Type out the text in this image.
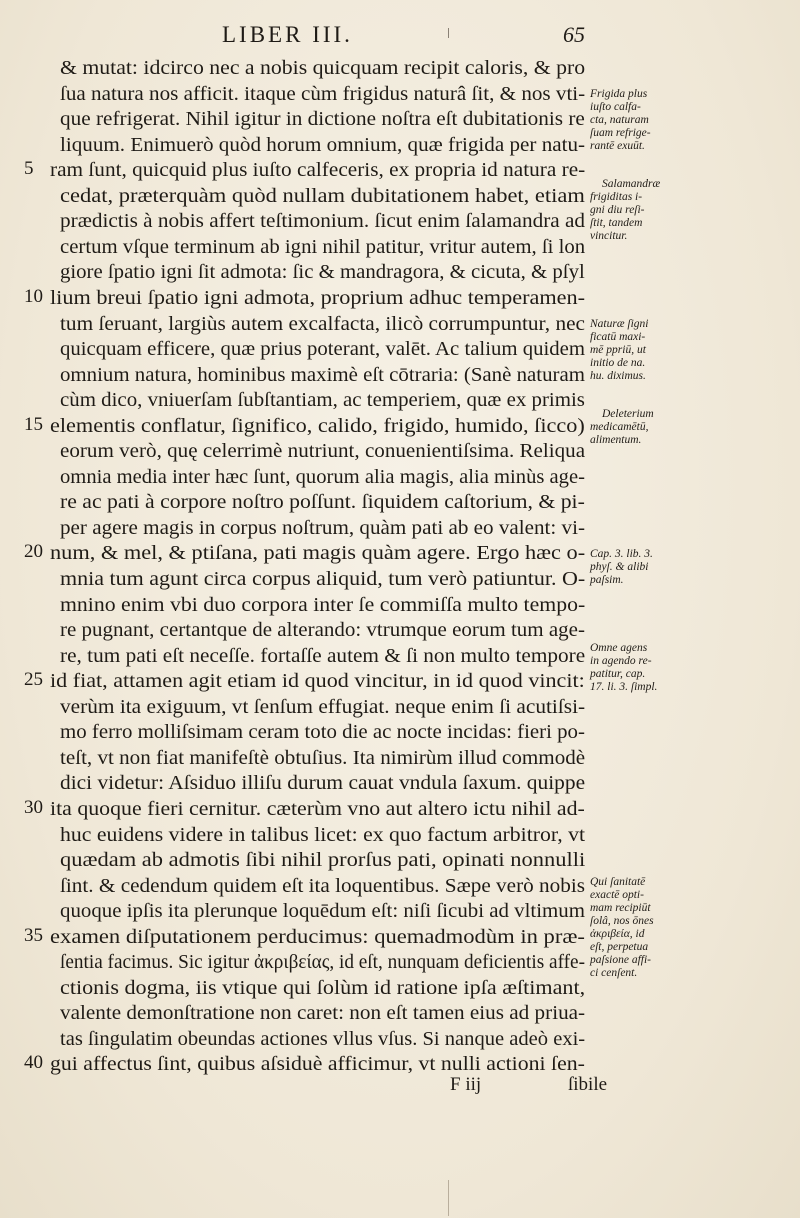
LIBER III.	65
& mutat: idcirco nec a nobis quicquam recipit caloris, & pro
ſua natura nos afficit. itaque cùm frigidus naturâ ſit, & nos vti-
que refrigerat. Nihil igitur in dictione noſtra eſt dubitationis re
liquum. Enimuerò quòd horum omnium, quæ frigida per natu-
5 ram ſunt, quicquid plus iuſto calfeceris, ex propria id natura re-
cedat, præterquàm quòd nullam dubitationem habet, etiam
prædictis à nobis affert teſtimonium. ſicut enim ſalamandra ad
certum vſque terminum ab igni nihil patitur, vritur autem, ſi lon
giore ſpatio igni ſit admota: ſic & mandragora, & cicuta, & pſyl
10 lium breui ſpatio igni admota, proprium adhuc temperamen-
tum ſeruant, largiùs autem excalfacta, ilicò corrumpuntur, nec
quicquam efficere, quæ prius poterant, valēt. Ac talium quidem
omnium natura, hominibus maximè eſt cōtraria: (Sanè naturam
cùm dico, vniuerſam ſubſtantiam, ac temperiem, quæ ex primis
15 elementis conflatur, ſignifico, calido, frigido, humido, ſicco)
eorum verò, quę celerrimè nutriunt, conuenientiſsima. Reliqua
omnia media inter hæc ſunt, quorum alia magis, alia minùs age-
re ac pati à corpore noſtro poſſunt. ſiquidem caſtorium, & pi-
per agere magis in corpus noſtrum, quàm pati ab eo valent: vi-
20 num, & mel, & ptiſana, pati magis quàm agere. Ergo hæc o-
mnia tum agunt circa corpus aliquid, tum verò patiuntur. O-
mnino enim vbi duo corpora inter ſe commiſſa multo tempo-
re pugnant, certantque de alterando: vtrumque eorum tum age-
re, tum pati eſt neceſſe. fortaſſe autem & ſi non multo tempore
25 id fiat, attamen agit etiam id quod vincitur, in id quod vincit:
verùm ita exiguum, vt ſenſum effugiat. neque enim ſi acutiſsi-
mo ferro molliſsimam ceram toto die ac nocte incidas: fieri po-
teſt, vt non fiat manifeſtè obtuſius. Ita nimirùm illud commodè
dici videtur: Aſsiduo illiſu durum cauat vndula ſaxum. quippe
30 ita quoque fieri cernitur. cæterùm vno aut altero ictu nihil ad-
huc euidens videre in talibus licet: ex quo factum arbitror, vt
quædam ab admotis ſibi nihil prorſus pati, opinati nonnulli
ſint. & cedendum quidem eſt ita loquentibus. Sæpe verò nobis
quoque ipſis ita plerunque loquēdum eſt: niſi ſicubi ad vltimum
35 examen diſputationem perducimus: quemadmodùm in præ-
ſentia facimus. Sic igitur ἀκριβείας, id eſt, nunquam deficientis affe-
ctionis dogma, iis vtique qui ſolùm id ratione ipſa æſtimant,
valente demonſtratione non caret: non eſt tamen eius ad priua-
tas ſingulatim obeundas actiones vllus vſus. Si nanque adeò exi-
40 gui affectus ſint, quibus aſsiduè afficimur, vt nulli actioni ſen-
Frigida plus
iuſto calfa-
cta, naturam
ſuam refrige-
rantē exuūt.
Salamandræ
frigiditas i-
gni diu reſi-
ſtit, tandem
vincitur.
Naturæ ſigni
ficatū maxi-
mē ppriū, ut
initio de na.
hu. diximus.
Deleterium
medicamētū,
alimentum.
Cap. 3. lib. 3.
phyſ. & alibi
paſsim.
Omne agens
in agendo re-
patitur, cap.
17. li. 3. ſimpl.
Qui ſanitatē
exactē opti-
mam recipiūt
ſolâ, nos ōnes
ἀκριβεία, id
eſt, perpetua
paſsione affi-
ci cenſent.
F iij	ſibile
